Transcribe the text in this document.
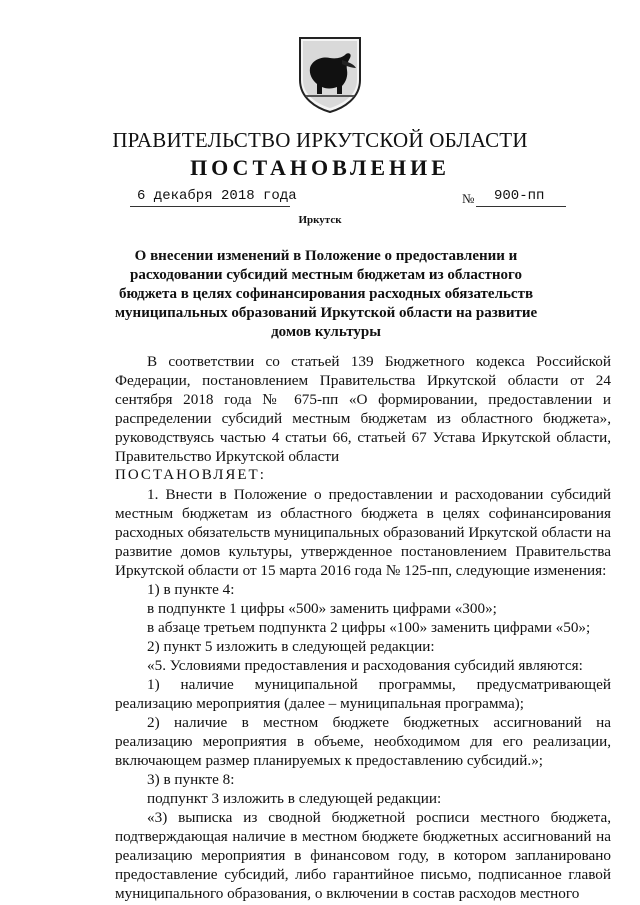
ПРАВИТЕЛЬСТВО ИРКУТСКОЙ ОБЛАСТИ
ПОСТАНОВЛЕНИЕ
6 декабря 2018 года	№ 900-пп
Иркутск
О внесении изменений в Положение о предоставлении и расходовании субсидий местным бюджетам из областного бюджета в целях софинансирования расходных обязательств муниципальных образований Иркутской области на развитие домов культуры

В соответствии со статьей 139 Бюджетного кодекса Российской Федерации, постановлением Правительства Иркутской области от 24 сентября 2018 года № 675-пп «О формировании, предоставлении и распределении субсидий местным бюджетам из областного бюджета», руководствуясь частью 4 статьи 66, статьей 67 Устава Иркутской области, Правительство Иркутской области

ПОСТАНОВЛЯЕТ:

1. Внести в Положение о предоставлении и расходовании субсидий местным бюджетам из областного бюджета в целях софинансирования расходных обязательств муниципальных образований Иркутской области на развитие домов культуры, утвержденное постановлением Правительства Иркутской области от 15 марта 2016 года № 125-пп, следующие изменения:

1) в пункте 4:

в подпункте 1 цифры «500» заменить цифрами «300»;

в абзаце третьем подпункта 2 цифры «100» заменить цифрами «50»;

2) пункт 5 изложить в следующей редакции:

«5. Условиями предоставления и расходования субсидий являются:

1) наличие муниципальной программы, предусматривающей реализацию мероприятия (далее – муниципальная программа);

2) наличие в местном бюджете бюджетных ассигнований на реализацию мероприятия в объеме, необходимом для его реализации, включающем размер планируемых к предоставлению субсидий.»;

3) в пункте 8:

подпункт 3 изложить в следующей редакции:

«3) выписка из сводной бюджетной росписи местного бюджета, подтверждающая наличие в местном бюджете бюджетных ассигнований на реализацию мероприятия в финансовом году, в котором запланировано предоставление субсидий, либо гарантийное письмо, подписанное главой муниципального образования, о включении в состав расходов местного
